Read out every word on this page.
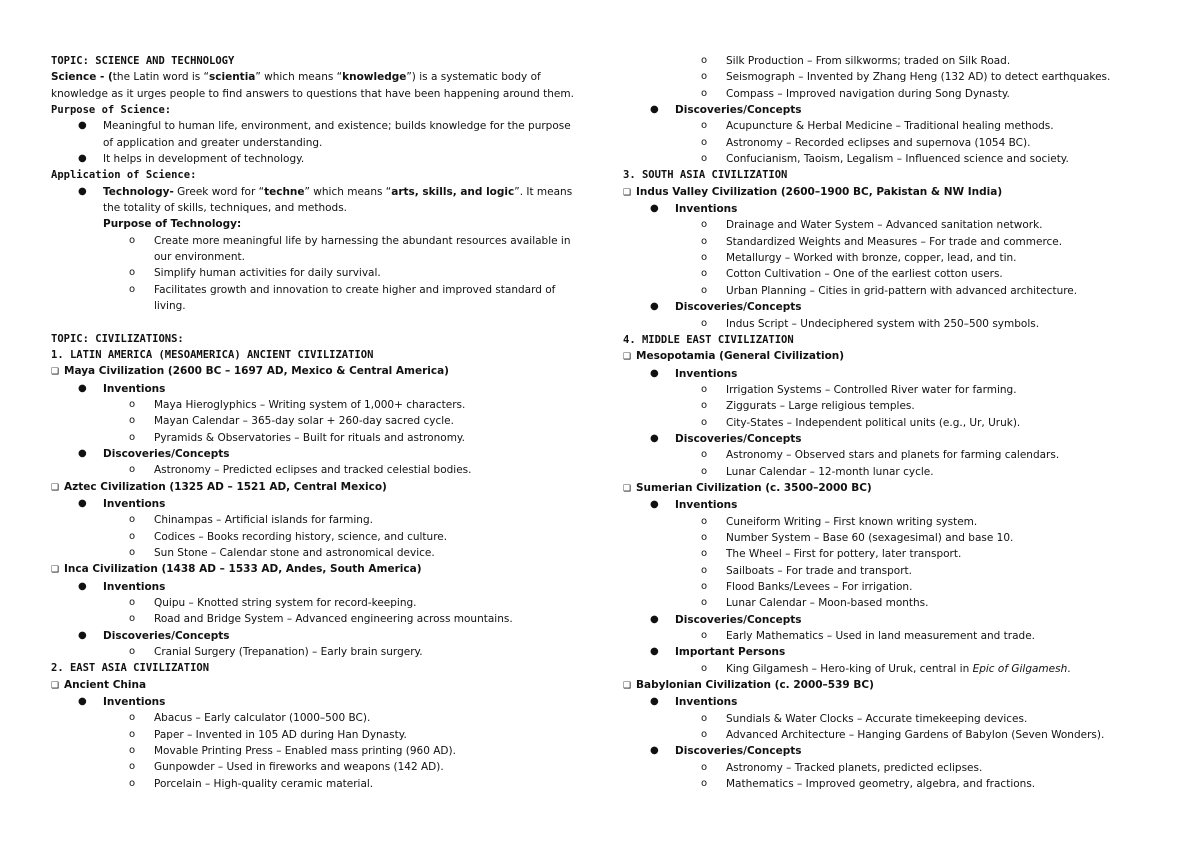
TOPIC: SCIENCE AND TECHNOLOGY
Science - (the Latin word is “scientia” which means “knowledge”) is a systematic body of
knowledge as it urges people to find answers to questions that have been happening around them.
Purpose of Science:
● Meaningful to human life, environment, and existence; builds knowledge for the purpose
of application and greater understanding.
● It helps in development of technology.
Application of Science:
● Technology- Greek word for “techne” which means “arts, skills, and logic”. It means
the totality of skills, techniques, and methods.
Purpose of Technology:
o Create more meaningful life by harnessing the abundant resources available in
our environment.
o Simplify human activities for daily survival.
o Facilitates growth and innovation to create higher and improved standard of
living.
TOPIC: CIVILIZATIONS:
1. LATIN AMERICA (MESOAMERICA) ANCIENT CIVILIZATION
❑ Maya Civilization (2600 BC – 1697 AD, Mexico & Central America)
● Inventions
o Maya Hieroglyphics – Writing system of 1,000+ characters.
o Mayan Calendar – 365-day solar + 260-day sacred cycle.
o Pyramids & Observatories – Built for rituals and astronomy.
● Discoveries/Concepts
o Astronomy – Predicted eclipses and tracked celestial bodies.
❑ Aztec Civilization (1325 AD – 1521 AD, Central Mexico)
● Inventions
o Chinampas – Artificial islands for farming.
o Codices – Books recording history, science, and culture.
o Sun Stone – Calendar stone and astronomical device.
❑ Inca Civilization (1438 AD – 1533 AD, Andes, South America)
● Inventions
o Quipu – Knotted string system for record-keeping.
o Road and Bridge System – Advanced engineering across mountains.
● Discoveries/Concepts
o Cranial Surgery (Trepanation) – Early brain surgery.
2. EAST ASIA CIVILIZATION
❑ Ancient China
● Inventions
o Abacus – Early calculator (1000–500 BC).
o Paper – Invented in 105 AD during Han Dynasty.
o Movable Printing Press – Enabled mass printing (960 AD).
o Gunpowder – Used in fireworks and weapons (142 AD).
o Porcelain – High-quality ceramic material.
o Silk Production – From silkworms; traded on Silk Road.
o Seismograph – Invented by Zhang Heng (132 AD) to detect earthquakes.
o Compass – Improved navigation during Song Dynasty.
● Discoveries/Concepts
o Acupuncture & Herbal Medicine – Traditional healing methods.
o Astronomy – Recorded eclipses and supernova (1054 BC).
o Confucianism, Taoism, Legalism – Influenced science and society.
3. SOUTH ASIA CIVILIZATION
❑ Indus Valley Civilization (2600–1900 BC, Pakistan & NW India)
● Inventions
o Drainage and Water System – Advanced sanitation network.
o Standardized Weights and Measures – For trade and commerce.
o Metallurgy – Worked with bronze, copper, lead, and tin.
o Cotton Cultivation – One of the earliest cotton users.
o Urban Planning – Cities in grid-pattern with advanced architecture.
● Discoveries/Concepts
o Indus Script – Undeciphered system with 250–500 symbols.
4. MIDDLE EAST CIVILIZATION
❑ Mesopotamia (General Civilization)
● Inventions
o Irrigation Systems – Controlled River water for farming.
o Ziggurats – Large religious temples.
o City-States – Independent political units (e.g., Ur, Uruk).
● Discoveries/Concepts
o Astronomy – Observed stars and planets for farming calendars.
o Lunar Calendar – 12-month lunar cycle.
❑ Sumerian Civilization (c. 3500–2000 BC)
● Inventions
o Cuneiform Writing – First known writing system.
o Number System – Base 60 (sexagesimal) and base 10.
o The Wheel – First for pottery, later transport.
o Sailboats – For trade and transport.
o Flood Banks/Levees – For irrigation.
o Lunar Calendar – Moon-based months.
● Discoveries/Concepts
o Early Mathematics – Used in land measurement and trade.
● Important Persons
o King Gilgamesh – Hero-king of Uruk, central in Epic of Gilgamesh.
❑ Babylonian Civilization (c. 2000–539 BC)
● Inventions
o Sundials & Water Clocks – Accurate timekeeping devices.
o Advanced Architecture – Hanging Gardens of Babylon (Seven Wonders).
● Discoveries/Concepts
o Astronomy – Tracked planets, predicted eclipses.
o Mathematics – Improved geometry, algebra, and fractions.
